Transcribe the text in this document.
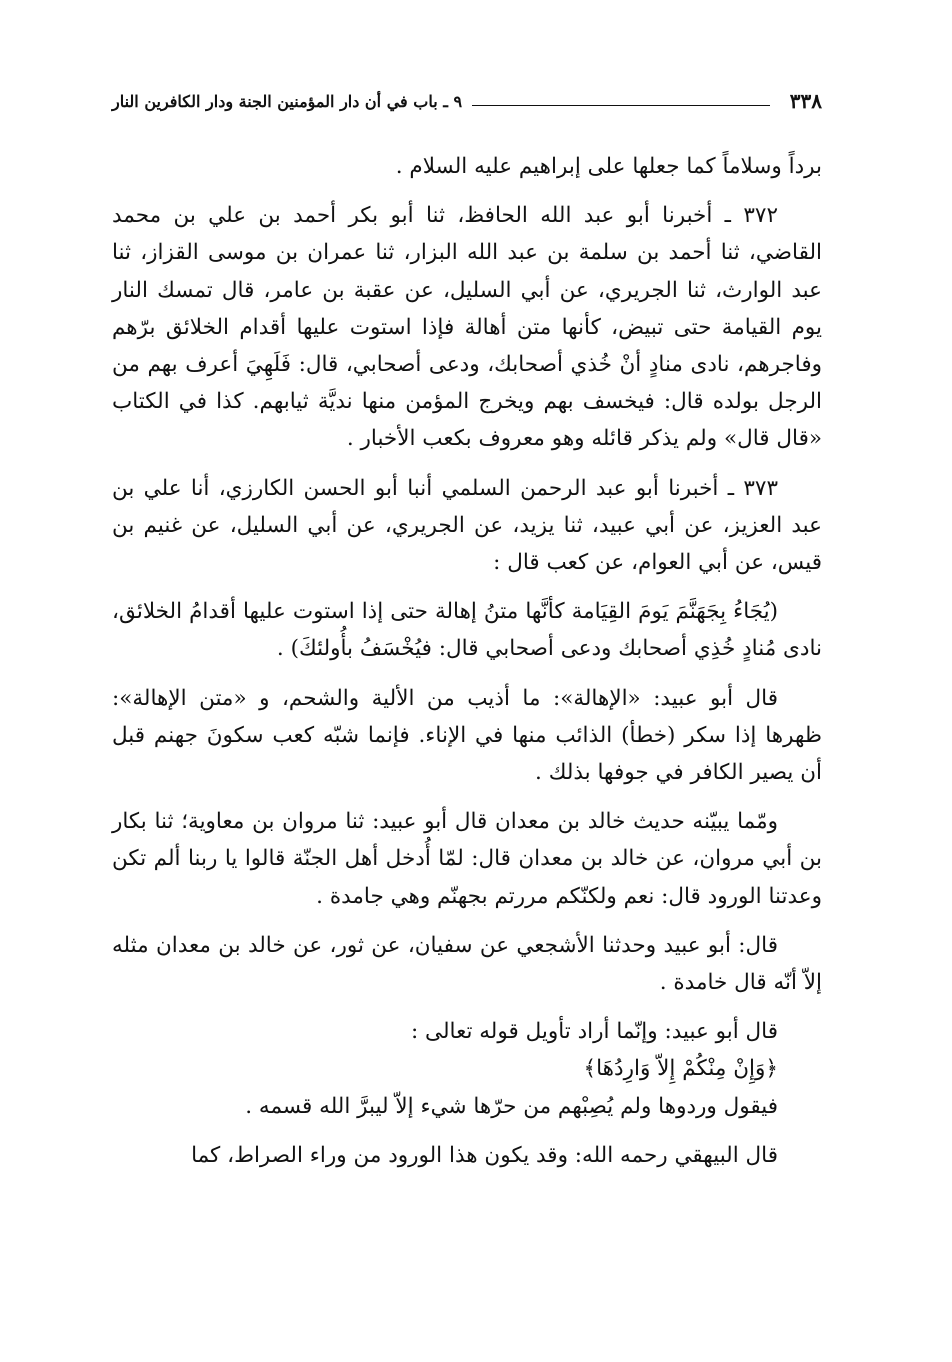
٣٣٨
٩ ـ باب في أن دار المؤمنين الجنة ودار الكافرين النار

برداً وسلاماً كما جعلها على إبراهيم عليه السلام .

٣٧٢ ـ أخبرنا أبو عبد الله الحافظ، ثنا أبو بكر أحمد بن علي بن محمد القاضي، ثنا أحمد بن سلمة بن عبد الله البزار، ثنا عمران بن موسى القزاز، ثنا عبد الوارث، ثنا الجريري، عن أبي السليل، عن عقبة بن عامر، قال تمسك النار يوم القيامة حتى تبيض، كأنها متن أهالة فإذا استوت عليها أقدام الخلائق برّهم وفاجرهم، نادى منادٍ أنْ خُذي أصحابك، ودعى أصحابي، قال: فَلَهِيَ أعرف بهم من الرجل بولده قال: فيخسف بهم ويخرج المؤمن منها نديَّة ثيابهم. كذا في الكتاب «قال قال» ولم يذكر قائله وهو معروف بكعب الأخبار .

٣٧٣ ـ أخبرنا أبو عبد الرحمن السلمي أنبا أبو الحسن الكارزي، أنا علي بن عبد العزيز، عن أبي عبيد، ثنا يزيد، عن الجريري، عن أبي السليل، عن غنيم بن قيس، عن أبي العوام، عن كعب قال :

(يُجَاءُ بِجَهَنَّمَ يَومَ القِيَامة كأنَّها متنُ إهالة حتى إذا استوت عليها أقدامُ الخلائق، نادى مُنادٍ خُذِي أصحابك ودعى أصحابي قال: فيُخْسَفُ بأُولئكَ) .

قال أبو عبيد: «الإهالة»: ما أذيب من الألية والشحم، و «متن الإهالة»: ظهرها إذا سكر (خطأ) الذائب منها في الإناء. فإنما شبّه كعب سكونَ جهنم قبل أن يصير الكافر في جوفها بذلك .

ومّما يبيّنه حديث خالد بن معدان قال أبو عبيد: ثنا مروان بن معاوية؛ ثنا بكار بن أبي مروان، عن خالد بن معدان قال: لمّا أُدخل أهل الجنّة قالوا يا ربنا ألم تكن وعدتنا الورود قال: نعم ولكنّكم مررتم بجهنّم وهي جامدة .

قال: أبو عبيد وحدثنا الأشجعي عن سفيان، عن ثور، عن خالد بن معدان مثله إلاّ أنّه قال خامدة .

قال أبو عبيد: وإنّما أراد تأويل قوله تعالى :
﴿وَإِنْ مِنْكُمْ إِلاّ وَارِدُهَا﴾
فيقول وردوها ولم يُصِبْهم من حرّها شيء إلاّ ليبرَّ الله قسمه .

قال البيهقي رحمه الله: وقد يكون هذا الورود من وراء الصراط، كما
